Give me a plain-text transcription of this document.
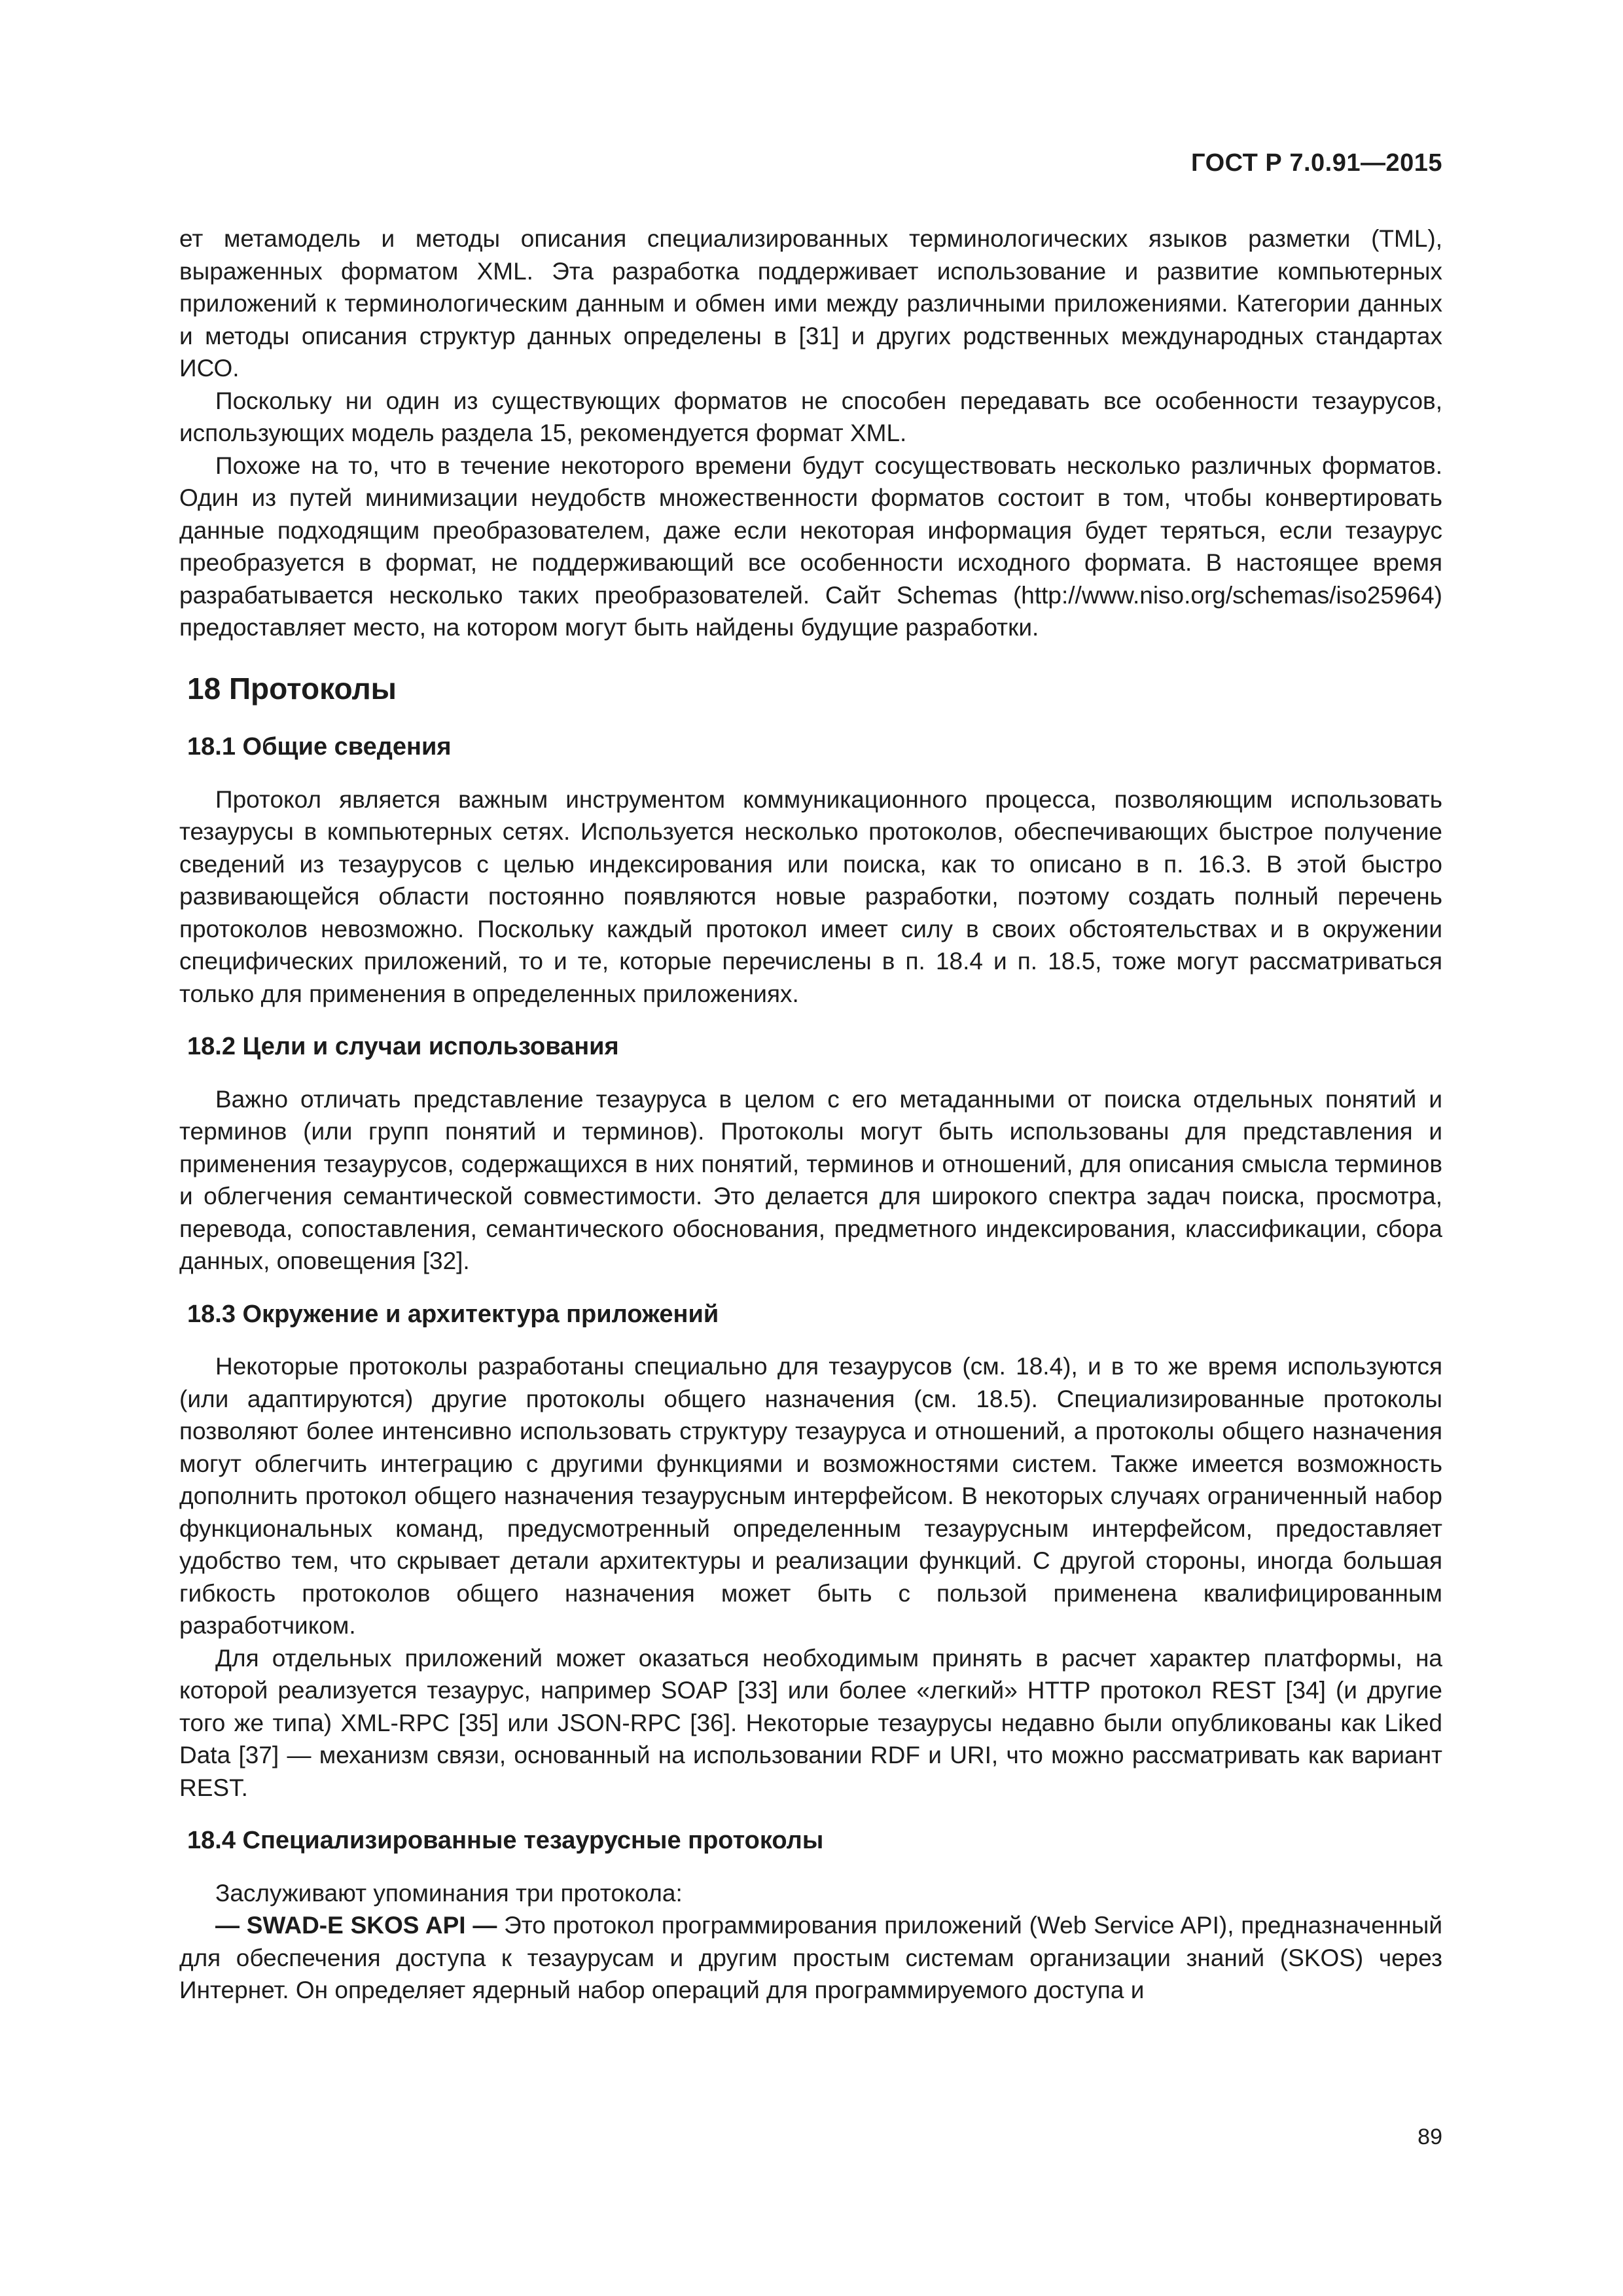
ГОСТ Р 7.0.91—2015

ет метамодель и методы описания специализированных терминологических языков разметки (TML), выраженных форматом XML. Эта разработка поддерживает использование и развитие компьютерных приложений к терминологическим данным и обмен ими между различными приложениями. Категории данных и методы описания структур данных определены в [31] и других родственных международных стандартах ИСО.

Поскольку ни один из существующих форматов не способен передавать все особенности тезаурусов, использующих модель раздела 15, рекомендуется формат XML.

Похоже на то, что в течение некоторого времени будут сосуществовать несколько различных форматов. Один из путей минимизации неудобств множественности форматов состоит в том, чтобы конвертировать данные подходящим преобразователем, даже если некоторая информация будет теряться, если тезаурус преобразуется в формат, не поддерживающий все особенности исходного формата. В настоящее время разрабатывается несколько таких преобразователей. Сайт Schemas (http://www.niso.org/schemas/iso25964) предоставляет место, на котором могут быть найдены будущие разработки.

18 Протоколы
18.1 Общие сведения

Протокол является важным инструментом коммуникационного процесса, позволяющим использовать тезаурусы в компьютерных сетях. Используется несколько протоколов, обеспечивающих быстрое получение сведений из тезаурусов с целью индексирования или поиска, как то описано в п. 16.3. В этой быстро развивающейся области постоянно появляются новые разработки, поэтому создать полный перечень протоколов невозможно. Поскольку каждый протокол имеет силу в своих обстоятельствах и в окружении специфических приложений, то и те, которые перечислены в п. 18.4 и п. 18.5, тоже могут рассматриваться только для применения в определенных приложениях.

18.2 Цели и случаи использования

Важно отличать представление тезауруса в целом с его метаданными от поиска отдельных понятий и терминов (или групп понятий и терминов). Протоколы могут быть использованы для представления и применения тезаурусов, содержащихся в них понятий, терминов и отношений, для описания смысла терминов и облегчения семантической совместимости. Это делается для широкого спектра задач поиска, просмотра, перевода, сопоставления, семантического обоснования, предметного индексирования, классификации, сбора данных, оповещения [32].

18.3 Окружение и архитектура приложений

Некоторые протоколы разработаны специально для тезаурусов (см. 18.4), и в то же время используются (или адаптируются) другие протоколы общего назначения (см. 18.5). Специализированные протоколы позволяют более интенсивно использовать структуру тезауруса и отношений, а протоколы общего назначения могут облегчить интеграцию с другими функциями и возможностями систем. Также имеется возможность дополнить протокол общего назначения тезаурусным интерфейсом. В некоторых случаях ограниченный набор функциональных команд, предусмотренный определенным тезаурусным интерфейсом, предоставляет удобство тем, что скрывает детали архитектуры и реализации функций. С другой стороны, иногда большая гибкость протоколов общего назначения может быть с пользой применена квалифицированным разработчиком.

Для отдельных приложений может оказаться необходимым принять в расчет характер платформы, на которой реализуется тезаурус, например SOAP [33] или более «легкий» HTTP протокол REST [34] (и другие того же типа) XML-RPC [35] или JSON-RPC [36]. Некоторые тезаурусы недавно были опубликованы как Liked Data [37] — механизм связи, основанный на использовании RDF и URI, что можно рассматривать как вариант REST.

18.4 Специализированные тезаурусные протоколы

Заслуживают упоминания три протокола:

— SWAD-E SKOS API — Это протокол программирования приложений (Web Service API), предназначенный для обеспечения доступа к тезаурусам и другим простым системам организации знаний (SKOS) через Интернет. Он определяет ядерный набор операций для программируемого доступа и

89
